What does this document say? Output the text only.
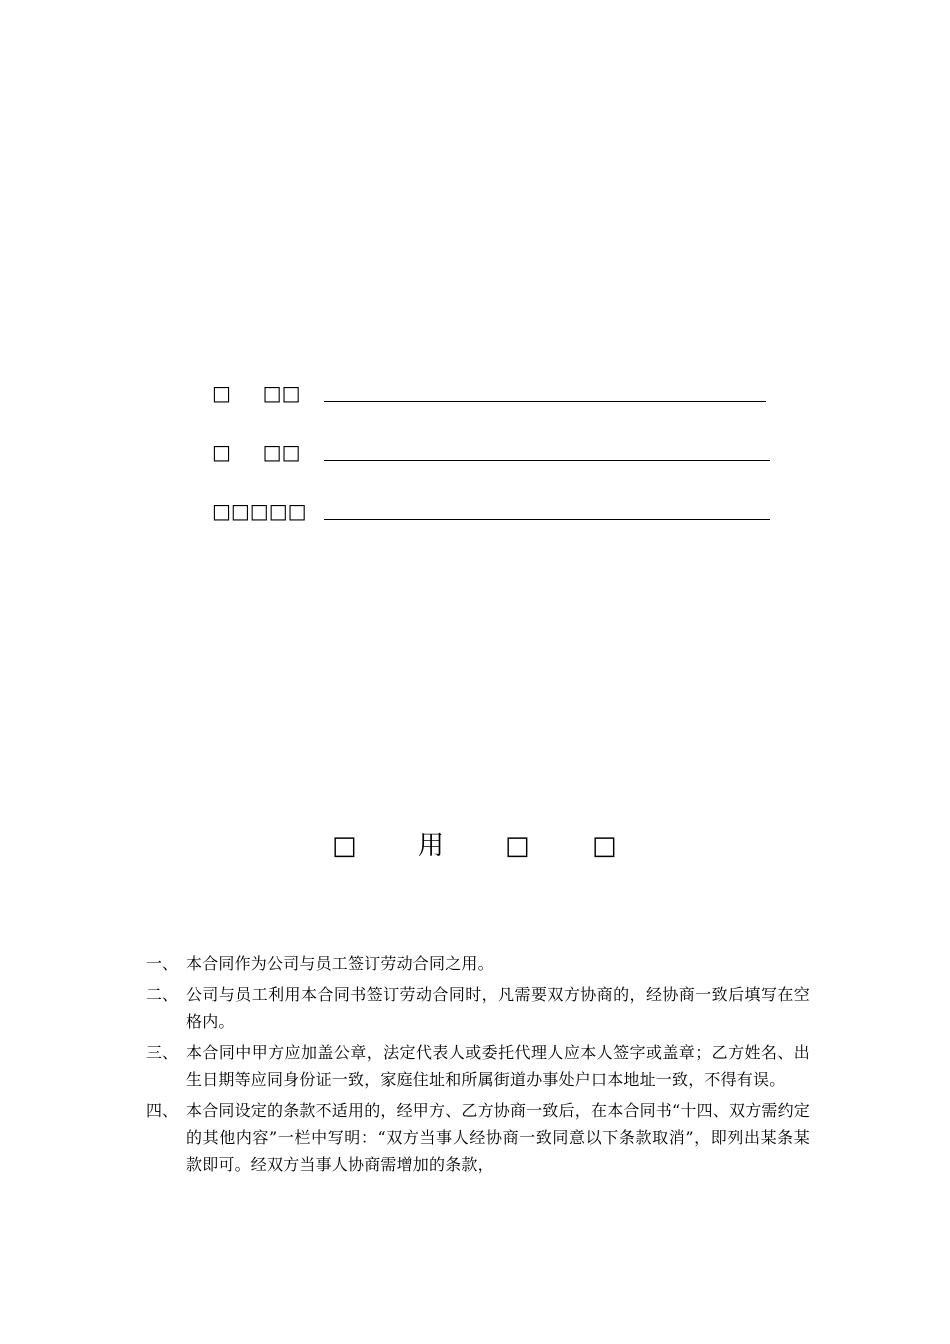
□     □□
□     □□
□□□□□
□ 用 □ □
一、 本合同作为公司与员工签订劳动合同之用。
二、 公司与员工利用本合同书签订劳动合同时，凡需要双方协商的，经协商一致后填写在空格内。
三、 本合同中甲方应加盖公章，法定代表人或委托代理人应本人签字或盖章；乙方姓名、出生日期等应同身份证一致，家庭住址和所属街道办事处户口本地址一致，不得有误。
四、 本合同设定的条款不适用的，经甲方、乙方协商一致后，在本合同书“十四、双方需约定的其他内容”一栏中写明：“双方当事人经协商一致同意以下条款取消”，即列出某条某款即可。经双方当事人协商需增加的条款，
